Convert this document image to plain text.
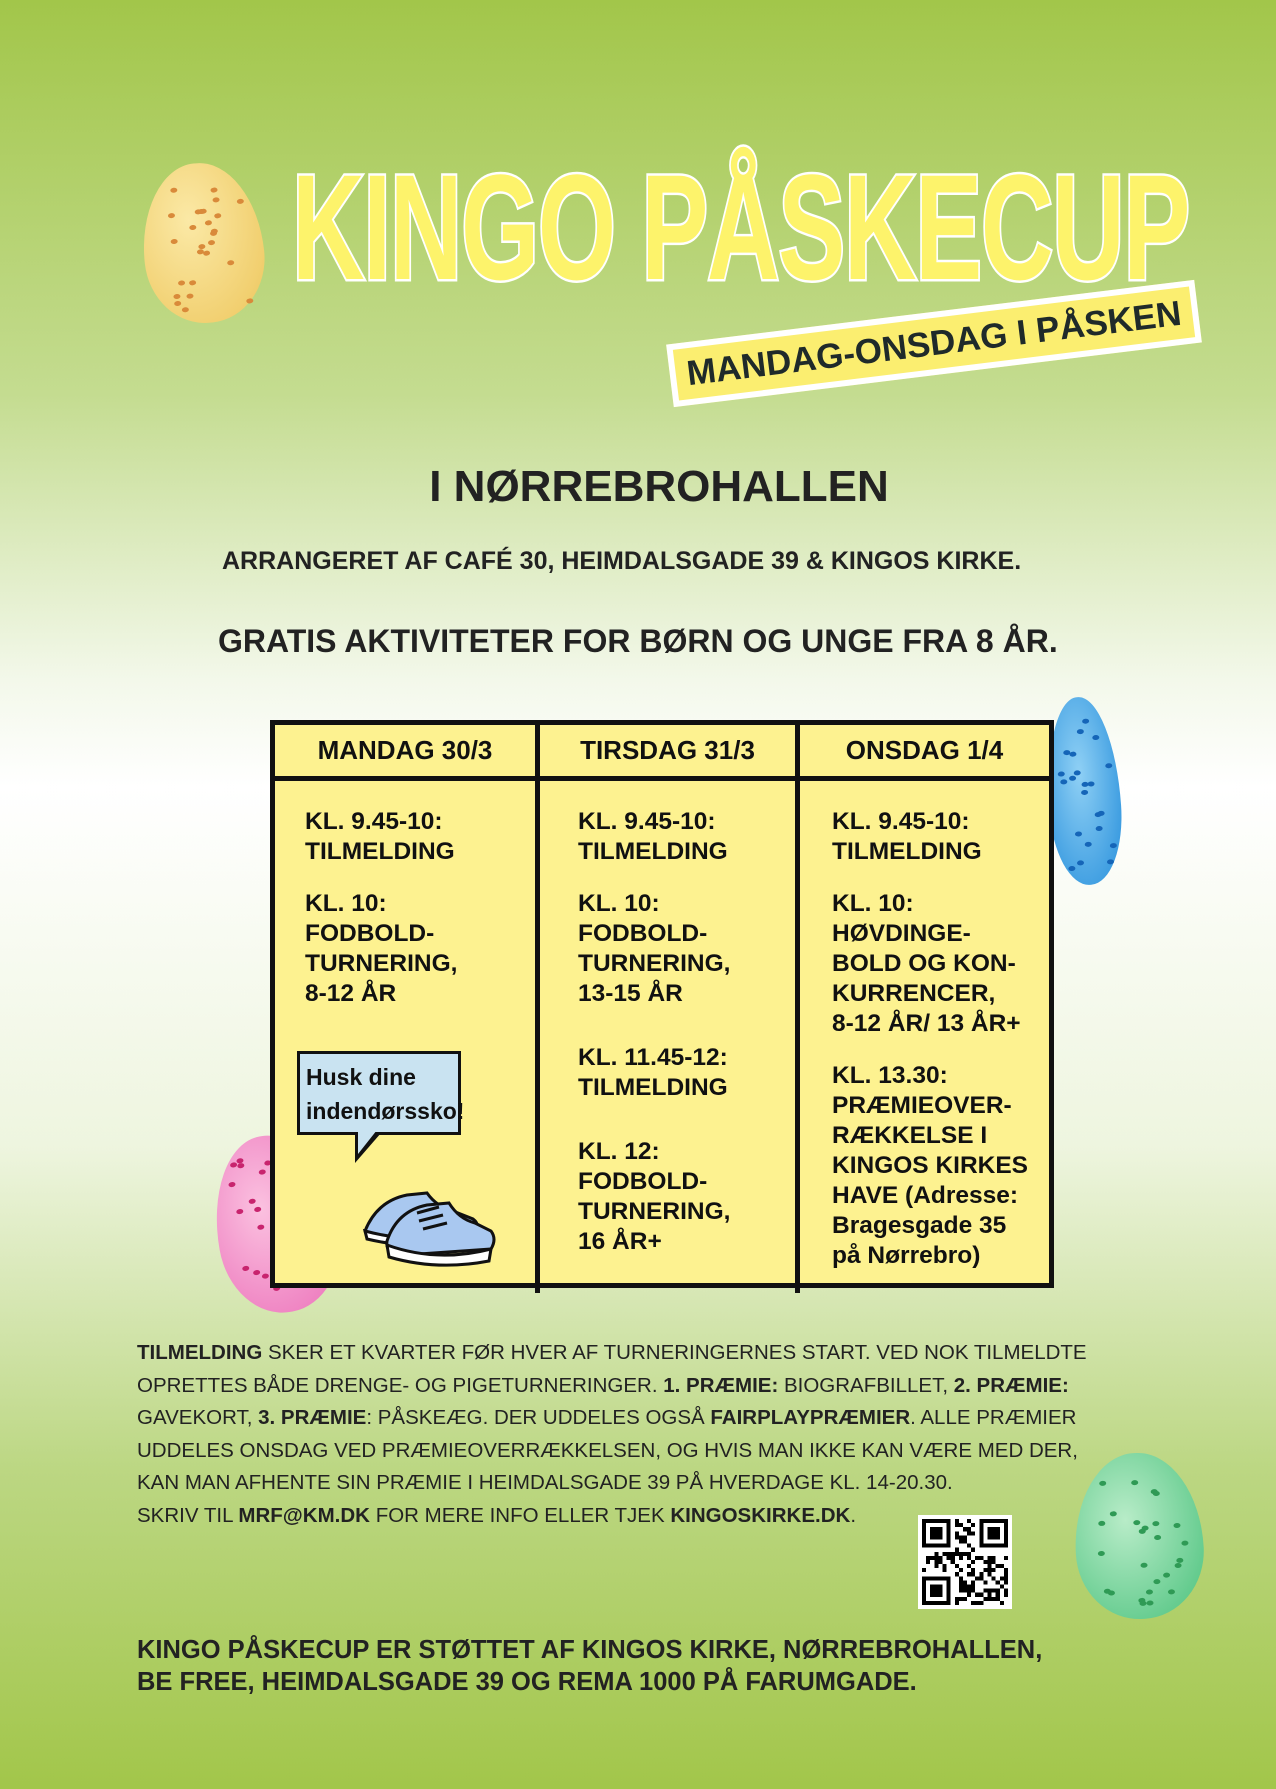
KINGO PÅSKECUP
MANDAG-ONSDAG I PÅSKEN
I NØRREBROHALLEN

ARRANGERET AF CAFÉ 30, HEIMDALSGADE 39 & KINGOS KIRKE.

GRATIS AKTIVITETER FOR BØRN OG UNGE FRA 8 ÅR.

MANDAG 30/3	TIRSDAG 31/3	ONSDAG 1/4
KL. 9.45-10:
TILMELDING
KL. 10:
FODBOLD-
TURNERING,
8-12 ÅR
Husk dine
indendørssko!
KL. 9.45-10:
TILMELDING
KL. 10:
FODBOLD-
TURNERING,
13-15 ÅR
KL. 11.45-12:
TILMELDING
KL. 12:
FODBOLD-
TURNERING,
16 ÅR+
KL. 9.45-10:
TILMELDING
KL. 10:
HØVDINGE-
BOLD OG KON-
KURRENCER,
8-12 ÅR/ 13 ÅR+
KL. 13.30:
PRÆMIEOVER-
RÆKKELSE I
KINGOS KIRKES
HAVE (Adresse:
Bragesgade 35
på Nørrebro)
TILMELDING SKER ET KVARTER FØR HVER AF TURNERINGERNES START. VED NOK TILMELDTE
OPRETTES BÅDE DRENGE- OG PIGETURNERINGER. 1. PRÆMIE: BIOGRAFBILLET, 2. PRÆMIE:
GAVEKORT, 3. PRÆMIE: PÅSKEÆG. DER UDDELES OGSÅ FAIRPLAYPRÆMIER. ALLE PRÆMIER
UDDELES ONSDAG VED PRÆMIEOVERRÆKKELSEN, OG HVIS MAN IKKE KAN VÆRE MED DER,
KAN MAN AFHENTE SIN PRÆMIE I HEIMDALSGADE 39 PÅ HVERDAGE KL. 14-20.30.
SKRIV TIL MRF@KM.DK FOR MERE INFO ELLER TJEK KINGOSKIRKE.DK.
KINGO PÅSKECUP ER STØTTET AF KINGOS KIRKE, NØRREBROHALLEN,
BE FREE, HEIMDALSGADE 39 OG REMA 1000 PÅ FARUMGADE.
